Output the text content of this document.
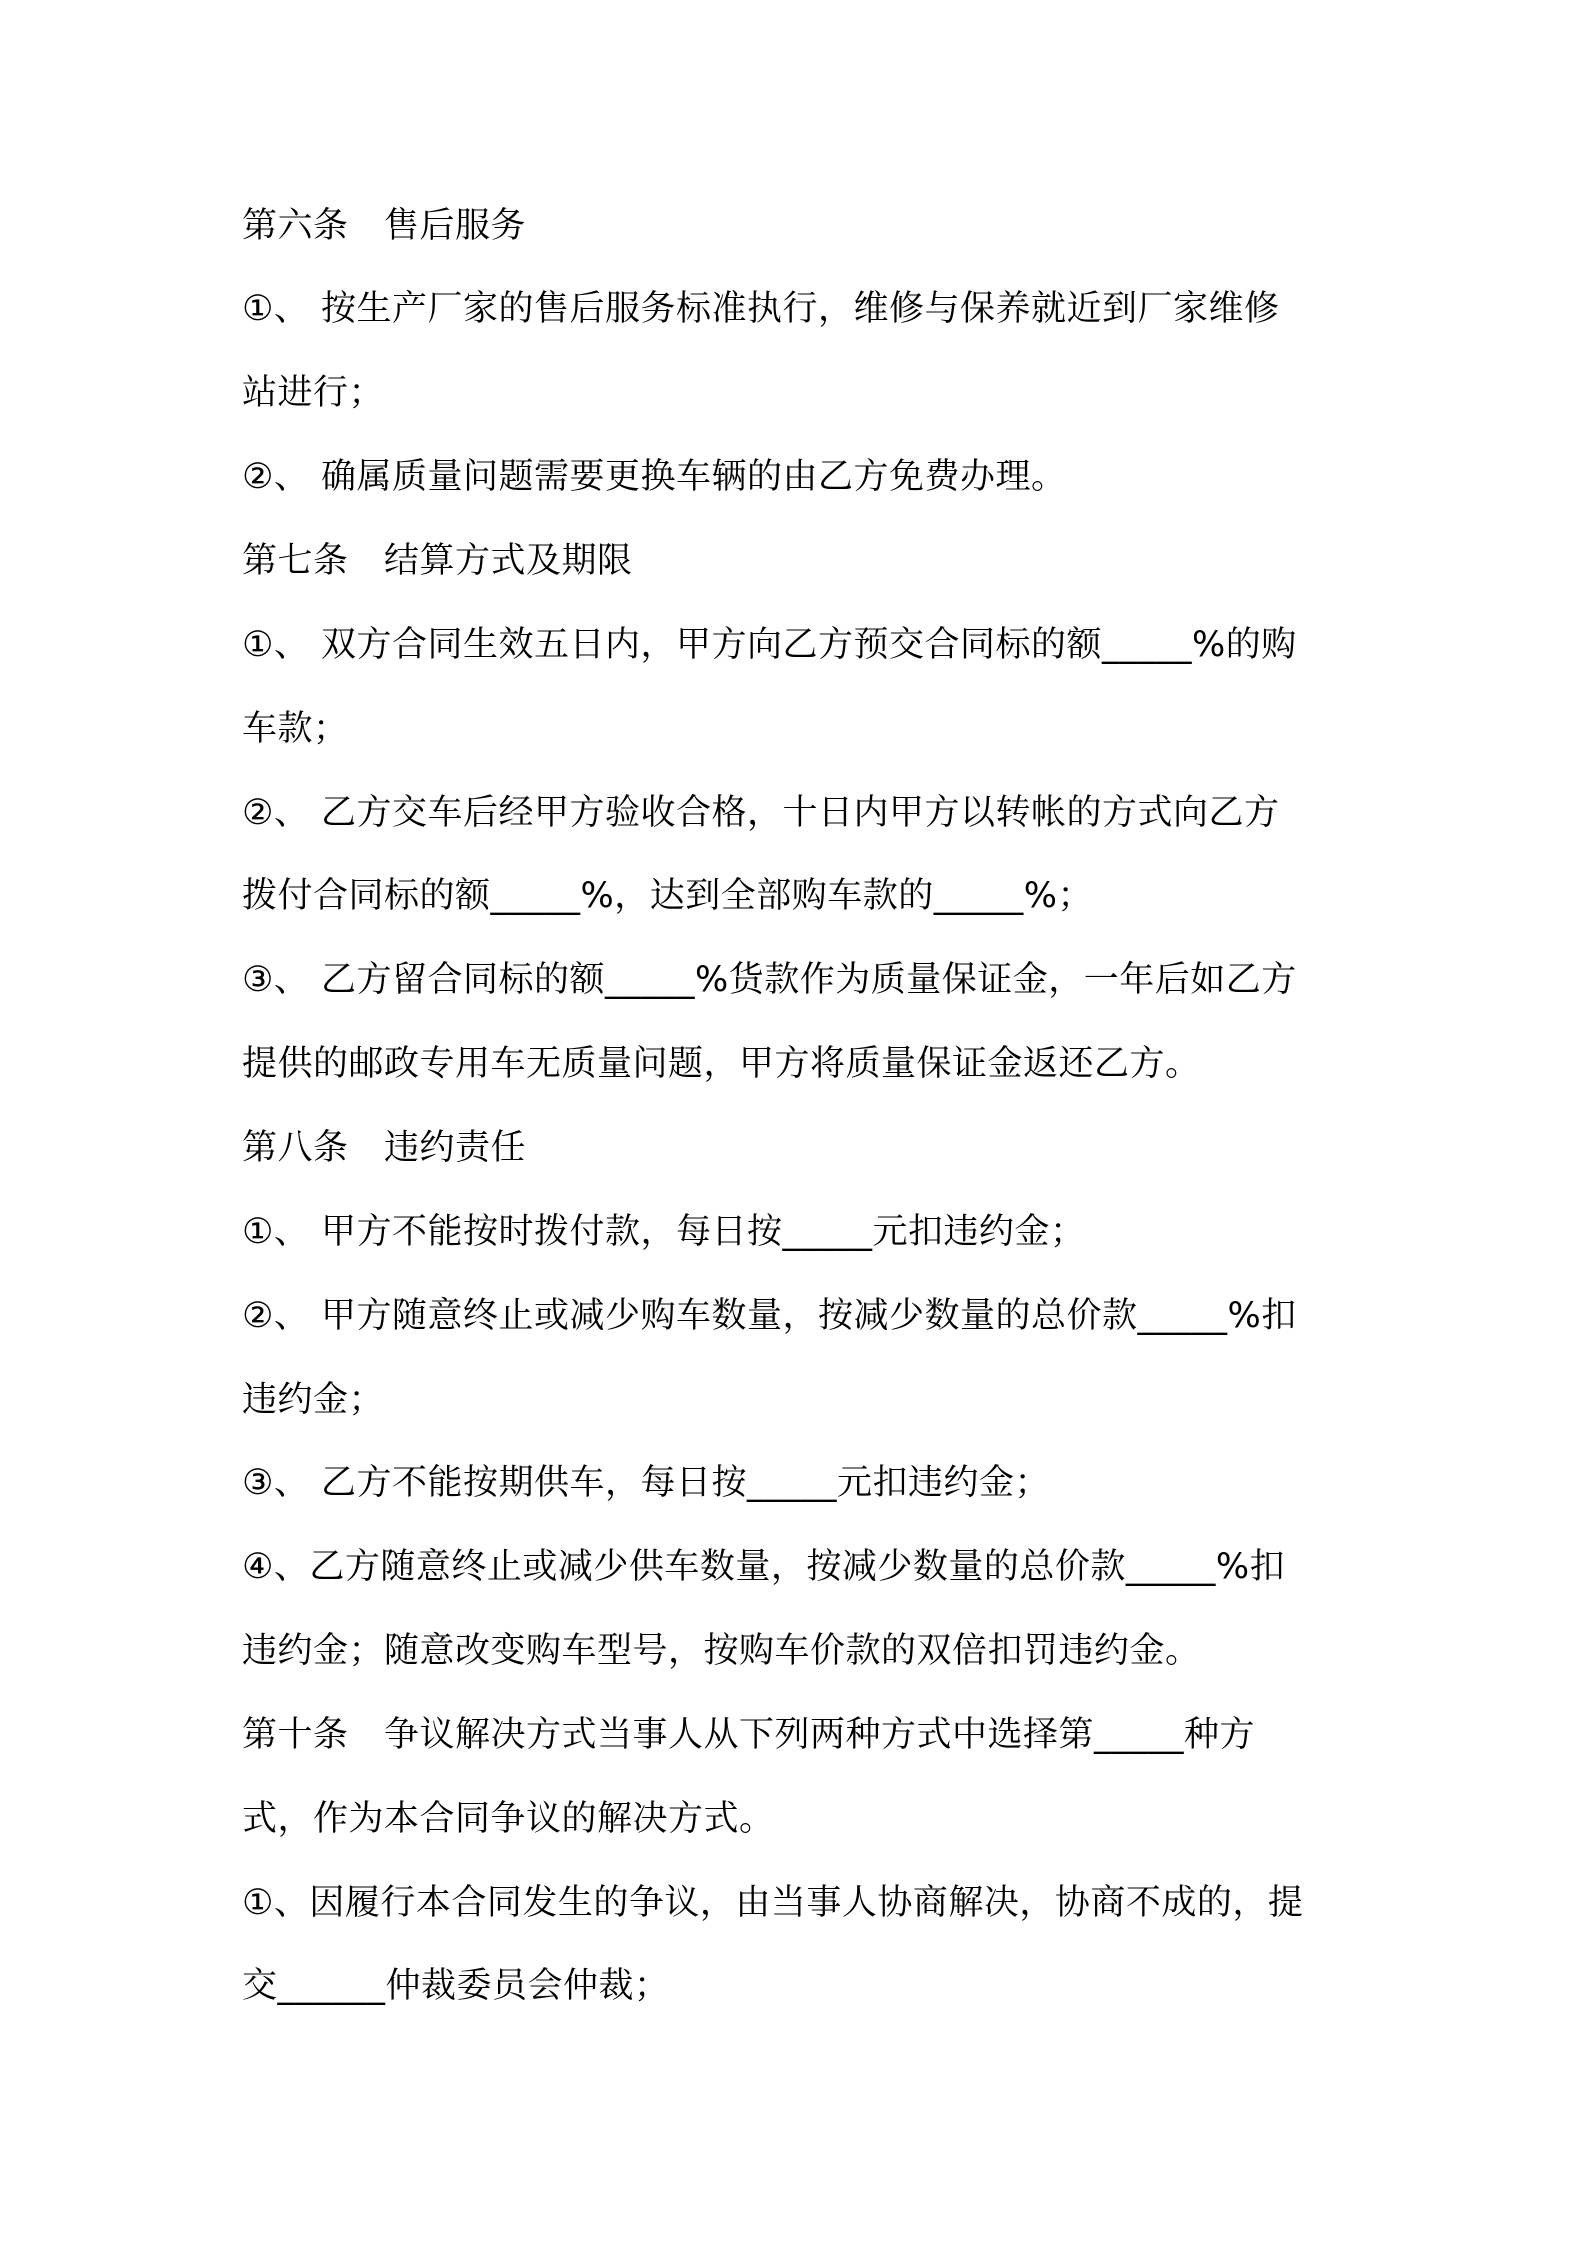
第六条　售后服务
①、 按生产厂家的售后服务标准执行，维修与保养就近到厂家维修
站进行；
②、 确属质量问题需要更换车辆的由乙方免费办理。
第七条　结算方式及期限
①、 双方合同生效五日内，甲方向乙方预交合同标的额_____%的购
车款；
②、 乙方交车后经甲方验收合格，十日内甲方以转帐的方式向乙方
拨付合同标的额_____%，达到全部购车款的_____%；
③、 乙方留合同标的额_____%货款作为质量保证金，一年后如乙方
提供的邮政专用车无质量问题，甲方将质量保证金返还乙方。
第八条　违约责任
①、 甲方不能按时拨付款，每日按_____元扣违约金；
②、 甲方随意终止或减少购车数量，按减少数量的总价款_____%扣
违约金；
③、 乙方不能按期供车，每日按_____元扣违约金；
④、乙方随意终止或减少供车数量，按减少数量的总价款_____%扣
违约金；随意改变购车型号，按购车价款的双倍扣罚违约金。
第十条　争议解决方式当事人从下列两种方式中选择第_____种方
式，作为本合同争议的解决方式。
①、因履行本合同发生的争议，由当事人协商解决，协商不成的，提
交______仲裁委员会仲裁；
